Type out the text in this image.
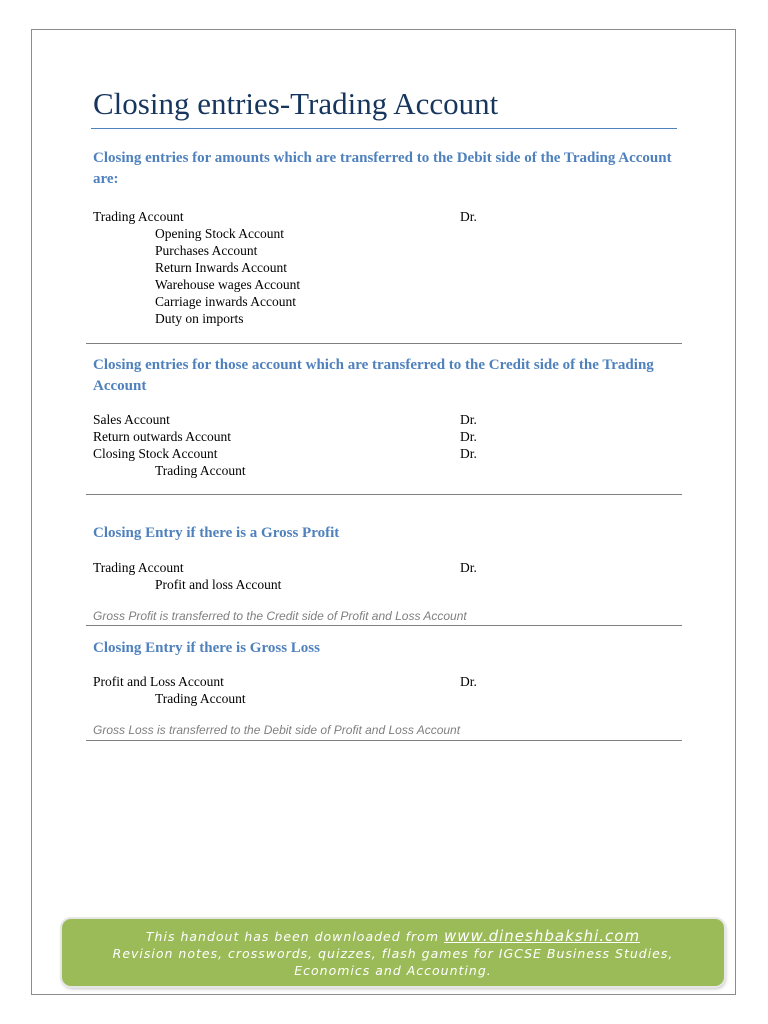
Closing entries-Trading Account
Closing entries for amounts which are transferred to the Debit side of the Trading Account are:
Trading Account	Dr.
Opening Stock Account
Purchases Account
Return Inwards Account
Warehouse wages Account
Carriage inwards Account
Duty on imports
Closing entries for those account which are transferred to the Credit side of the Trading Account
Sales Account	Dr.
Return outwards Account	Dr.
Closing Stock Account	Dr.
Trading Account
Closing Entry if there is a Gross Profit
Trading Account	Dr.
Profit and loss Account
Gross Profit is transferred to the Credit side of Profit and Loss Account
Closing Entry if there is Gross Loss
Profit and Loss Account	Dr.
Trading Account
Gross Loss is transferred to the Debit side of Profit and Loss Account
This handout has been downloaded from www.dineshbakshi.com
Revision notes, crosswords, quizzes, flash games for IGCSE Business Studies,
Economics and Accounting.
